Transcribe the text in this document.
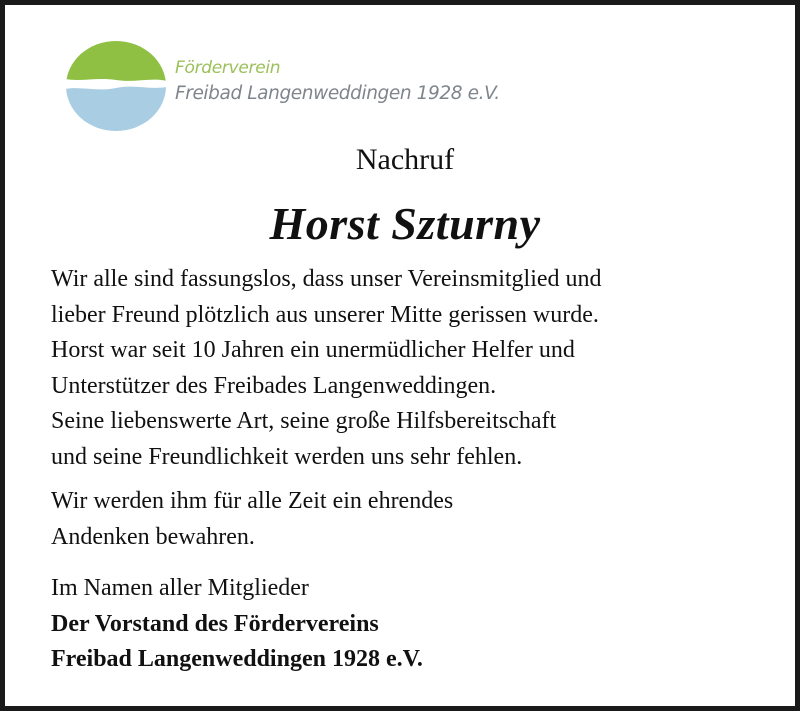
Förderverein
Freibad Langenweddingen 1928 e.V.
Nachruf
Horst Szturny
Wir alle sind fassungslos, dass unser Vereinsmitglied und
lieber Freund plötzlich aus unserer Mitte gerissen wurde.
Horst war seit 10 Jahren ein unermüdlicher Helfer und
Unterstützer des Freibades Langenweddingen.
Seine liebenswerte Art, seine große Hilfsbereitschaft
und seine Freundlichkeit werden uns sehr fehlen.
Wir werden ihm für alle Zeit ein ehrendes
Andenken bewahren.
Im Namen aller Mitglieder
Der Vorstand des Fördervereins
Freibad Langenweddingen 1928 e.V.
